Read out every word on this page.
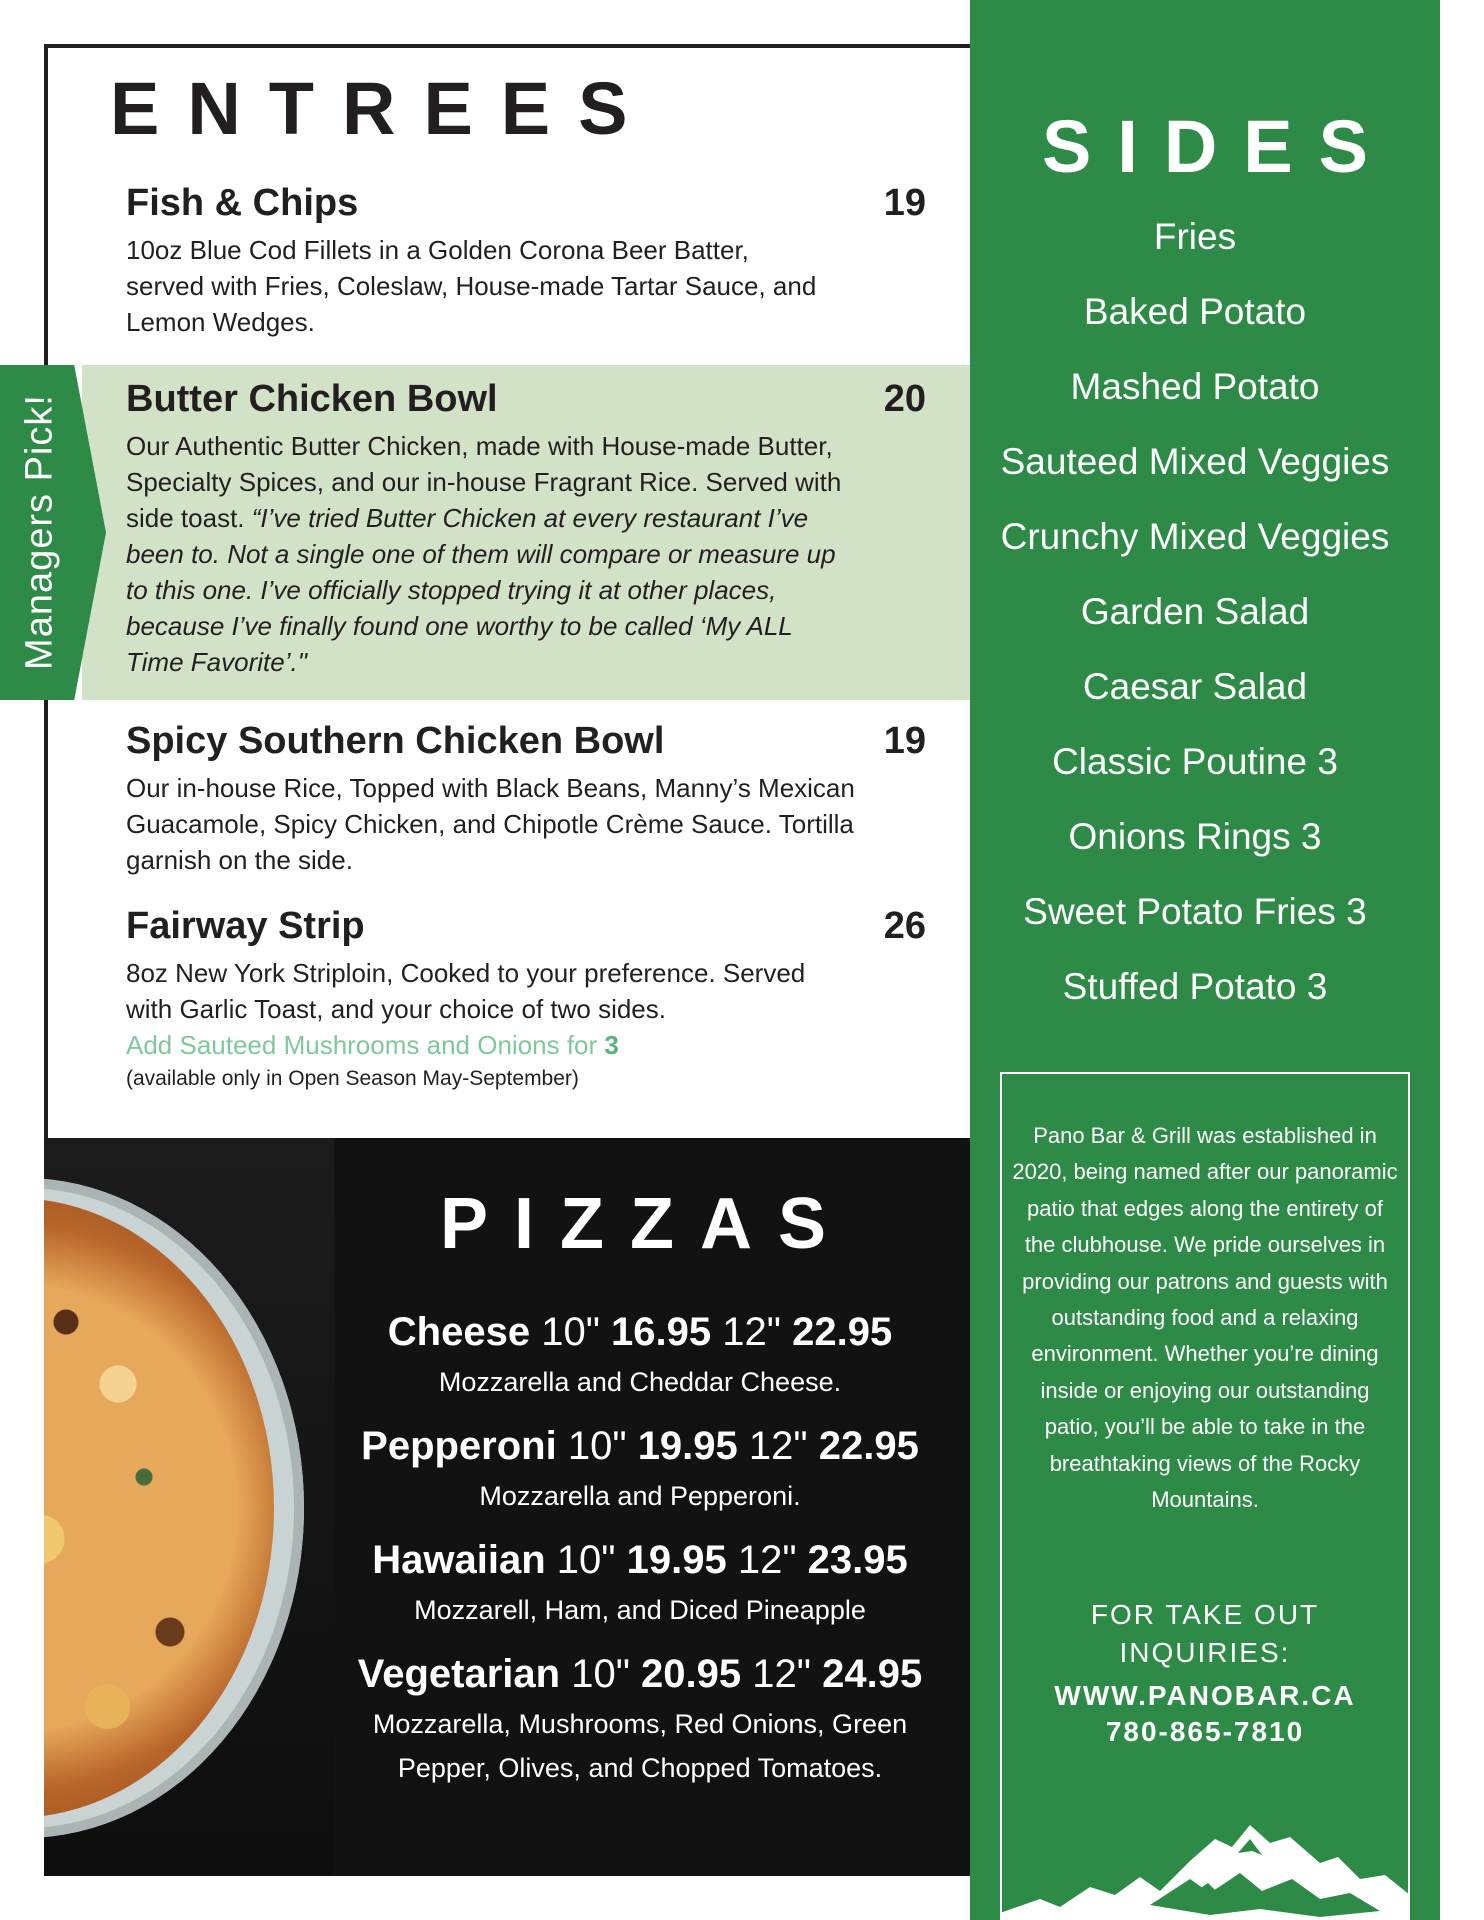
Managers Pick!
ENTREES
Fish & Chips	19

10oz Blue Cod Fillets in a Golden Corona Beer Batter, served with Fries, Coleslaw, House-made Tartar Sauce, and Lemon Wedges.

Butter Chicken Bowl	20

Our Authentic Butter Chicken, made with House-made Butter, Specialty Spices, and our in-house Fragrant Rice. Served with side toast. “I’ve tried Butter Chicken at every restaurant I’ve been to. Not a single one of them will compare or measure up to this one. I’ve officially stopped trying it at other places, because I’ve finally found one worthy to be called ‘My ALL Time Favorite’."

Spicy Southern Chicken Bowl	19

Our in-house Rice, Topped with Black Beans, Manny’s Mexican Guacamole, Spicy Chicken, and Chipotle Crème Sauce. Tortilla garnish on the side.

Fairway Strip	26

8oz New York Striploin, Cooked to your preference. Served with Garlic Toast, and your choice of two sides.

Add Sauteed Mushrooms and Onions for 3

(available only in Open Season May-September)

PIZZAS
Cheese 10" 16.95 12" 22.95

Mozzarella and Cheddar Cheese.

Pepperoni 10" 19.95 12" 22.95

Mozzarella and Pepperoni.

Hawaiian 10" 19.95 12" 23.95

Mozzarell, Ham, and Diced Pineapple

Vegetarian 10" 20.95 12" 24.95

Mozzarella, Mushrooms, Red Onions, Green Pepper, Olives, and Chopped Tomatoes.

SIDES
Fries
Baked Potato
Mashed Potato
Sauteed Mixed Veggies
Crunchy Mixed Veggies
Garden Salad
Caesar Salad
Classic Poutine 3
Onions Rings 3
Sweet Potato Fries 3
Stuffed Potato 3

Pano Bar & Grill was established in 2020, being named after our panoramic patio that edges along the entirety of the clubhouse. We pride ourselves in providing our patrons and guests with outstanding food and a relaxing environment. Whether you’re dining inside or enjoying our outstanding patio, you’ll be able to take in the breathtaking views of the Rocky Mountains.

FOR TAKE OUT INQUIRIES:

WWW.PANOBAR.CA
780-865-7810
